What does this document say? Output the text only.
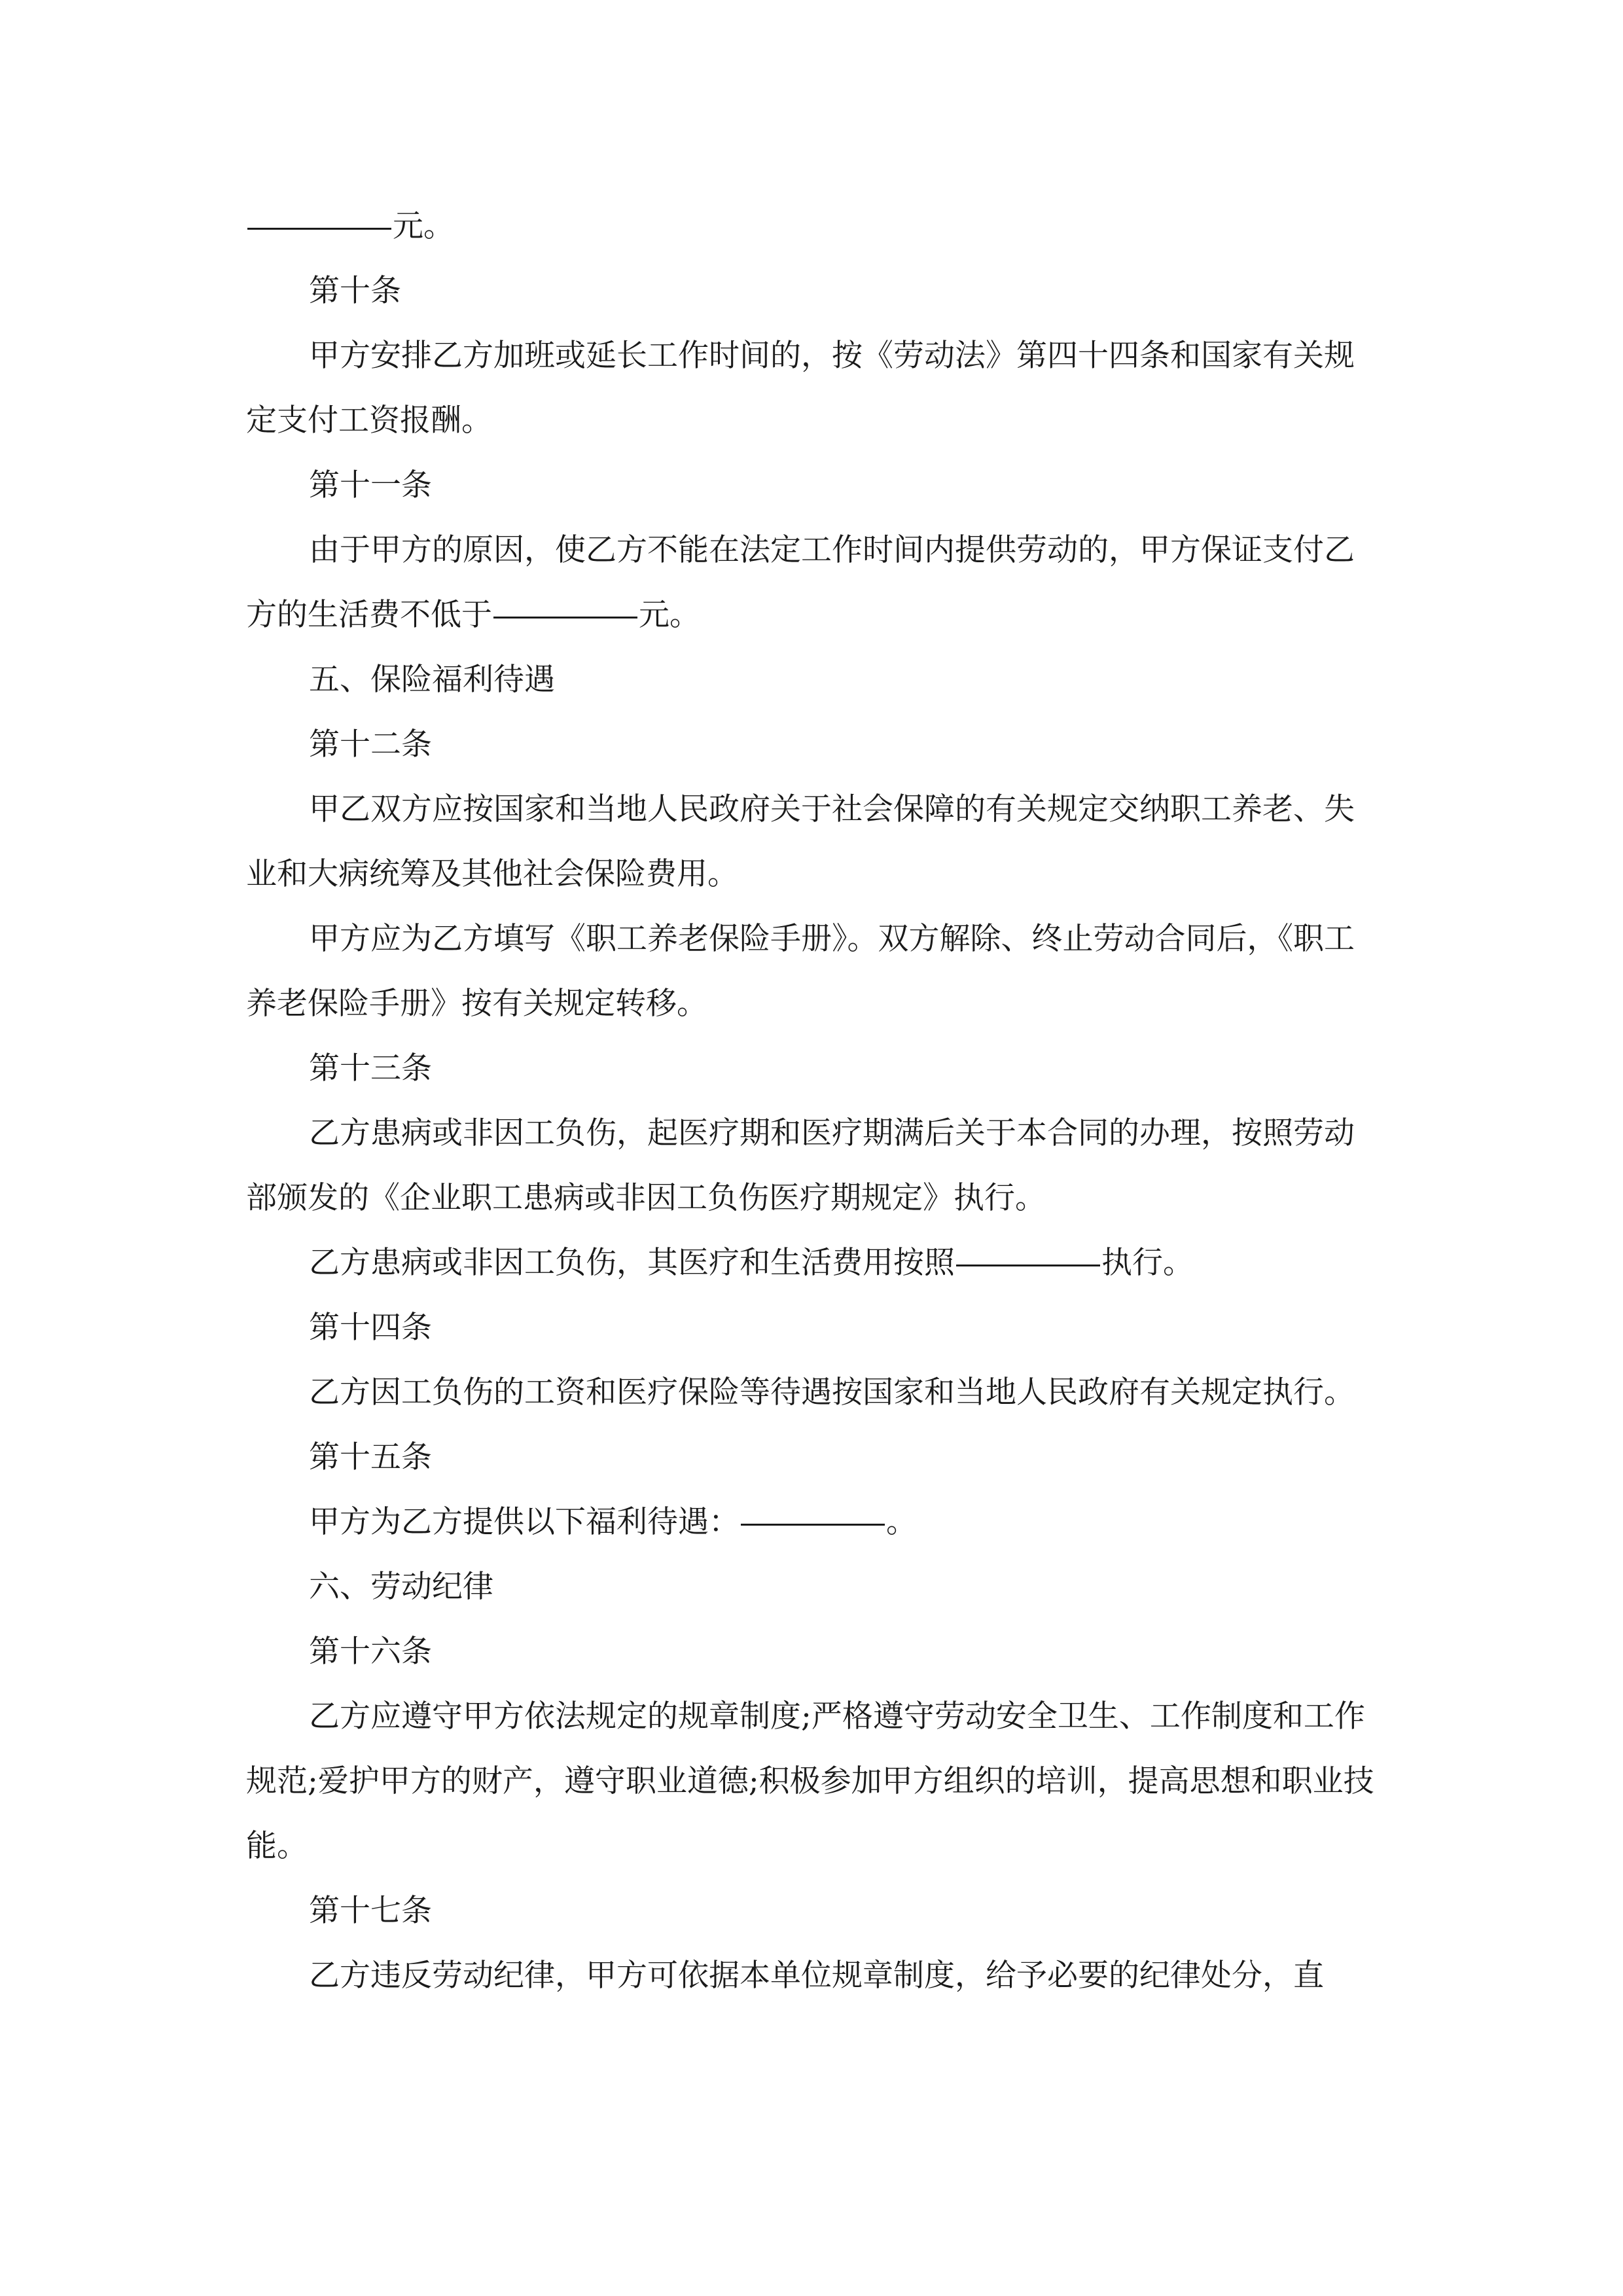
元。

第十条

甲方安排乙方加班或延长工作时间的，按《劳动法》第四十四条和国家有关规定支付工资报酬。

第十一条

由于甲方的原因，使乙方不能在法定工作时间内提供劳动的，甲方保证支付乙方的生活费不低于	元。

五、保险福利待遇

第十二条

甲乙双方应按国家和当地人民政府关于社会保障的有关规定交纳职工养老、失业和大病统筹及其他社会保险费用。

甲方应为乙方填写《职工养老保险手册》。双方解除、终止劳动合同后，《职工养老保险手册》按有关规定转移。

第十三条

乙方患病或非因工负伤，起医疗期和医疗期满后关于本合同的办理，按照劳动部颁发的《企业职工患病或非因工负伤医疗期规定》执行。

乙方患病或非因工负伤，其医疗和生活费用按照	执行。

第十四条

乙方因工负伤的工资和医疗保险等待遇按国家和当地人民政府有关规定执行。

第十五条

甲方为乙方提供以下福利待遇：	。

六、劳动纪律

第十六条

乙方应遵守甲方依法规定的规章制度;严格遵守劳动安全卫生、工作制度和工作规范;爱护甲方的财产，遵守职业道德;积极参加甲方组织的培训，提高思想和职业技能。

第十七条

乙方违反劳动纪律，甲方可依据本单位规章制度，给予必要的纪律处分，直
